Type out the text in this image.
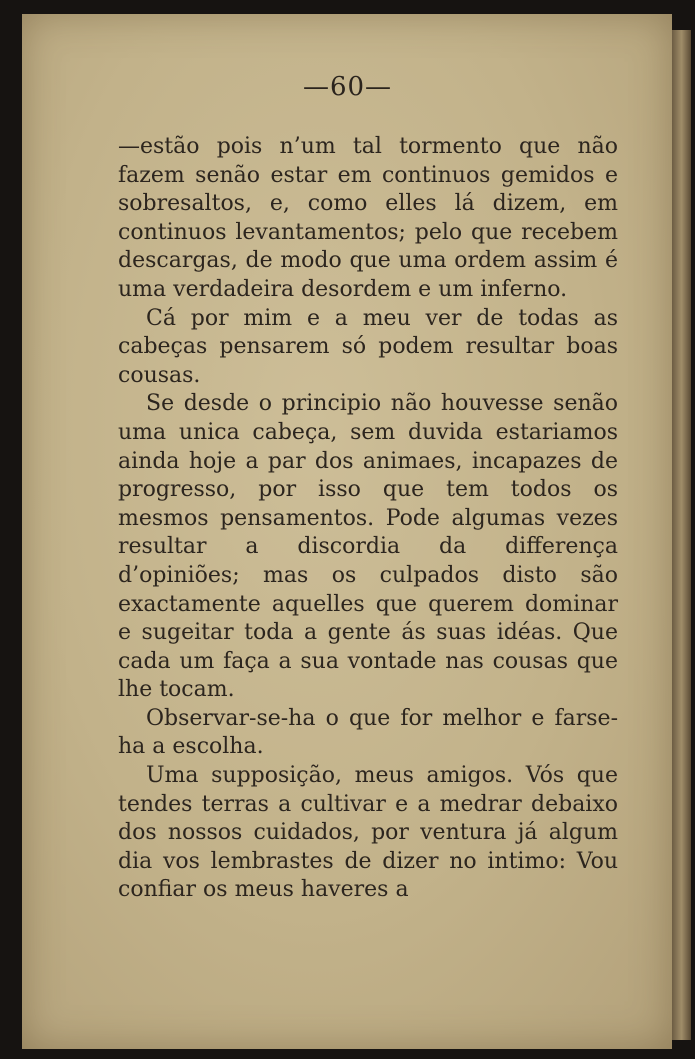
—60—

—estão pois n’um tal tormento que não fazem senão estar em continuos gemidos e sobresaltos, e, como elles lá dizem, em continuos levantamentos; pelo que recebem descargas, de modo que uma ordem assim é uma verdadeira desordem e um inferno.

Cá por mim e a meu ver de todas as cabeças pensarem só podem resultar boas cousas.

Se desde o principio não houvesse senão uma unica cabeça, sem duvida estariamos ainda hoje a par dos animaes, incapazes de progresso, por isso que tem todos os mesmos pensamentos. Pode algumas vezes resultar a discordia da differença d’opiniões; mas os culpados disto são exactamente aquelles que querem dominar e sugeitar toda a gente ás suas idéas. Que cada um faça a sua vontade nas cousas que lhe tocam.

Observar-se-ha o que for melhor e farse-ha a escolha.

Uma supposição, meus amigos. Vós que tendes terras a cultivar e a medrar debaixo dos nossos cuidados, por ventura já algum dia vos lembrastes de dizer no intimo: Vou confiar os meus haveres a
